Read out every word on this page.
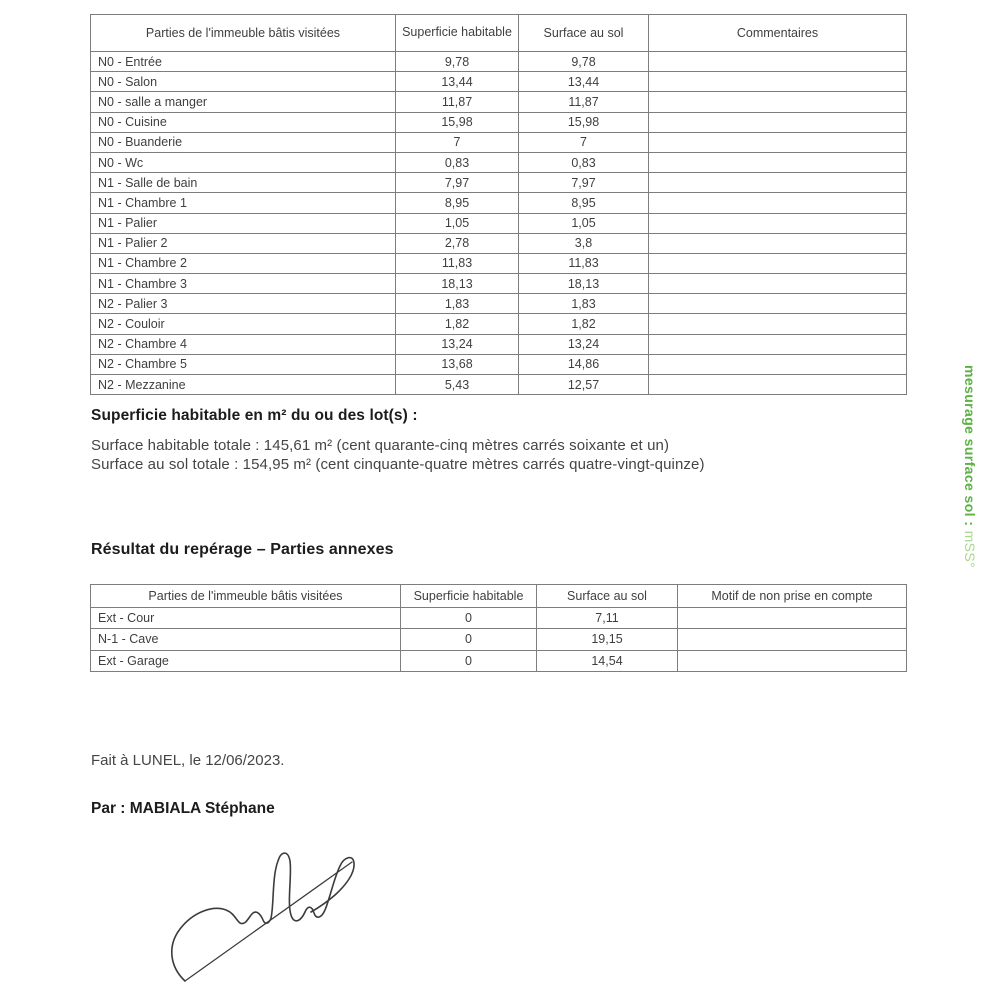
Parties de l'immeuble bâtis visitées	Superficie habitable	Surface au sol	Commentaires
N0 - Entrée	9,78	9,78	
N0 - Salon	13,44	13,44	
N0 - salle a manger	11,87	11,87	
N0 - Cuisine	15,98	15,98	
N0 - Buanderie	7	7	
N0 - Wc	0,83	0,83	
N1 - Salle de bain	7,97	7,97	
N1 - Chambre 1	8,95	8,95	
N1 - Palier	1,05	1,05	
N1 - Palier 2	2,78	3,8	
N1 - Chambre 2	11,83	11,83	
N1 - Chambre 3	18,13	18,13	
N2 - Palier 3	1,83	1,83	
N2 - Couloir	1,82	1,82	
N2 - Chambre 4	13,24	13,24	
N2 - Chambre 5	13,68	14,86	
N2 - Mezzanine	5,43	12,57	
Superficie habitable en m² du ou des lot(s) :

Surface habitable totale : 145,61 m² (cent quarante-cinq mètres carrés soixante et un)

Surface au sol totale : 154,95 m² (cent cinquante-quatre mètres carrés quatre-vingt-quinze)

Résultat du repérage – Parties annexes
Parties de l'immeuble bâtis visitées	Superficie habitable	Surface au sol	Motif de non prise en compte
Ext - Cour	0	7,11	
N-1 - Cave	0	19,15	
Ext - Garage	0	14,54	

Fait à LUNEL, le 12/06/2023.

Par : MABIALA Stéphane

mesurage surface sol : mSS°
